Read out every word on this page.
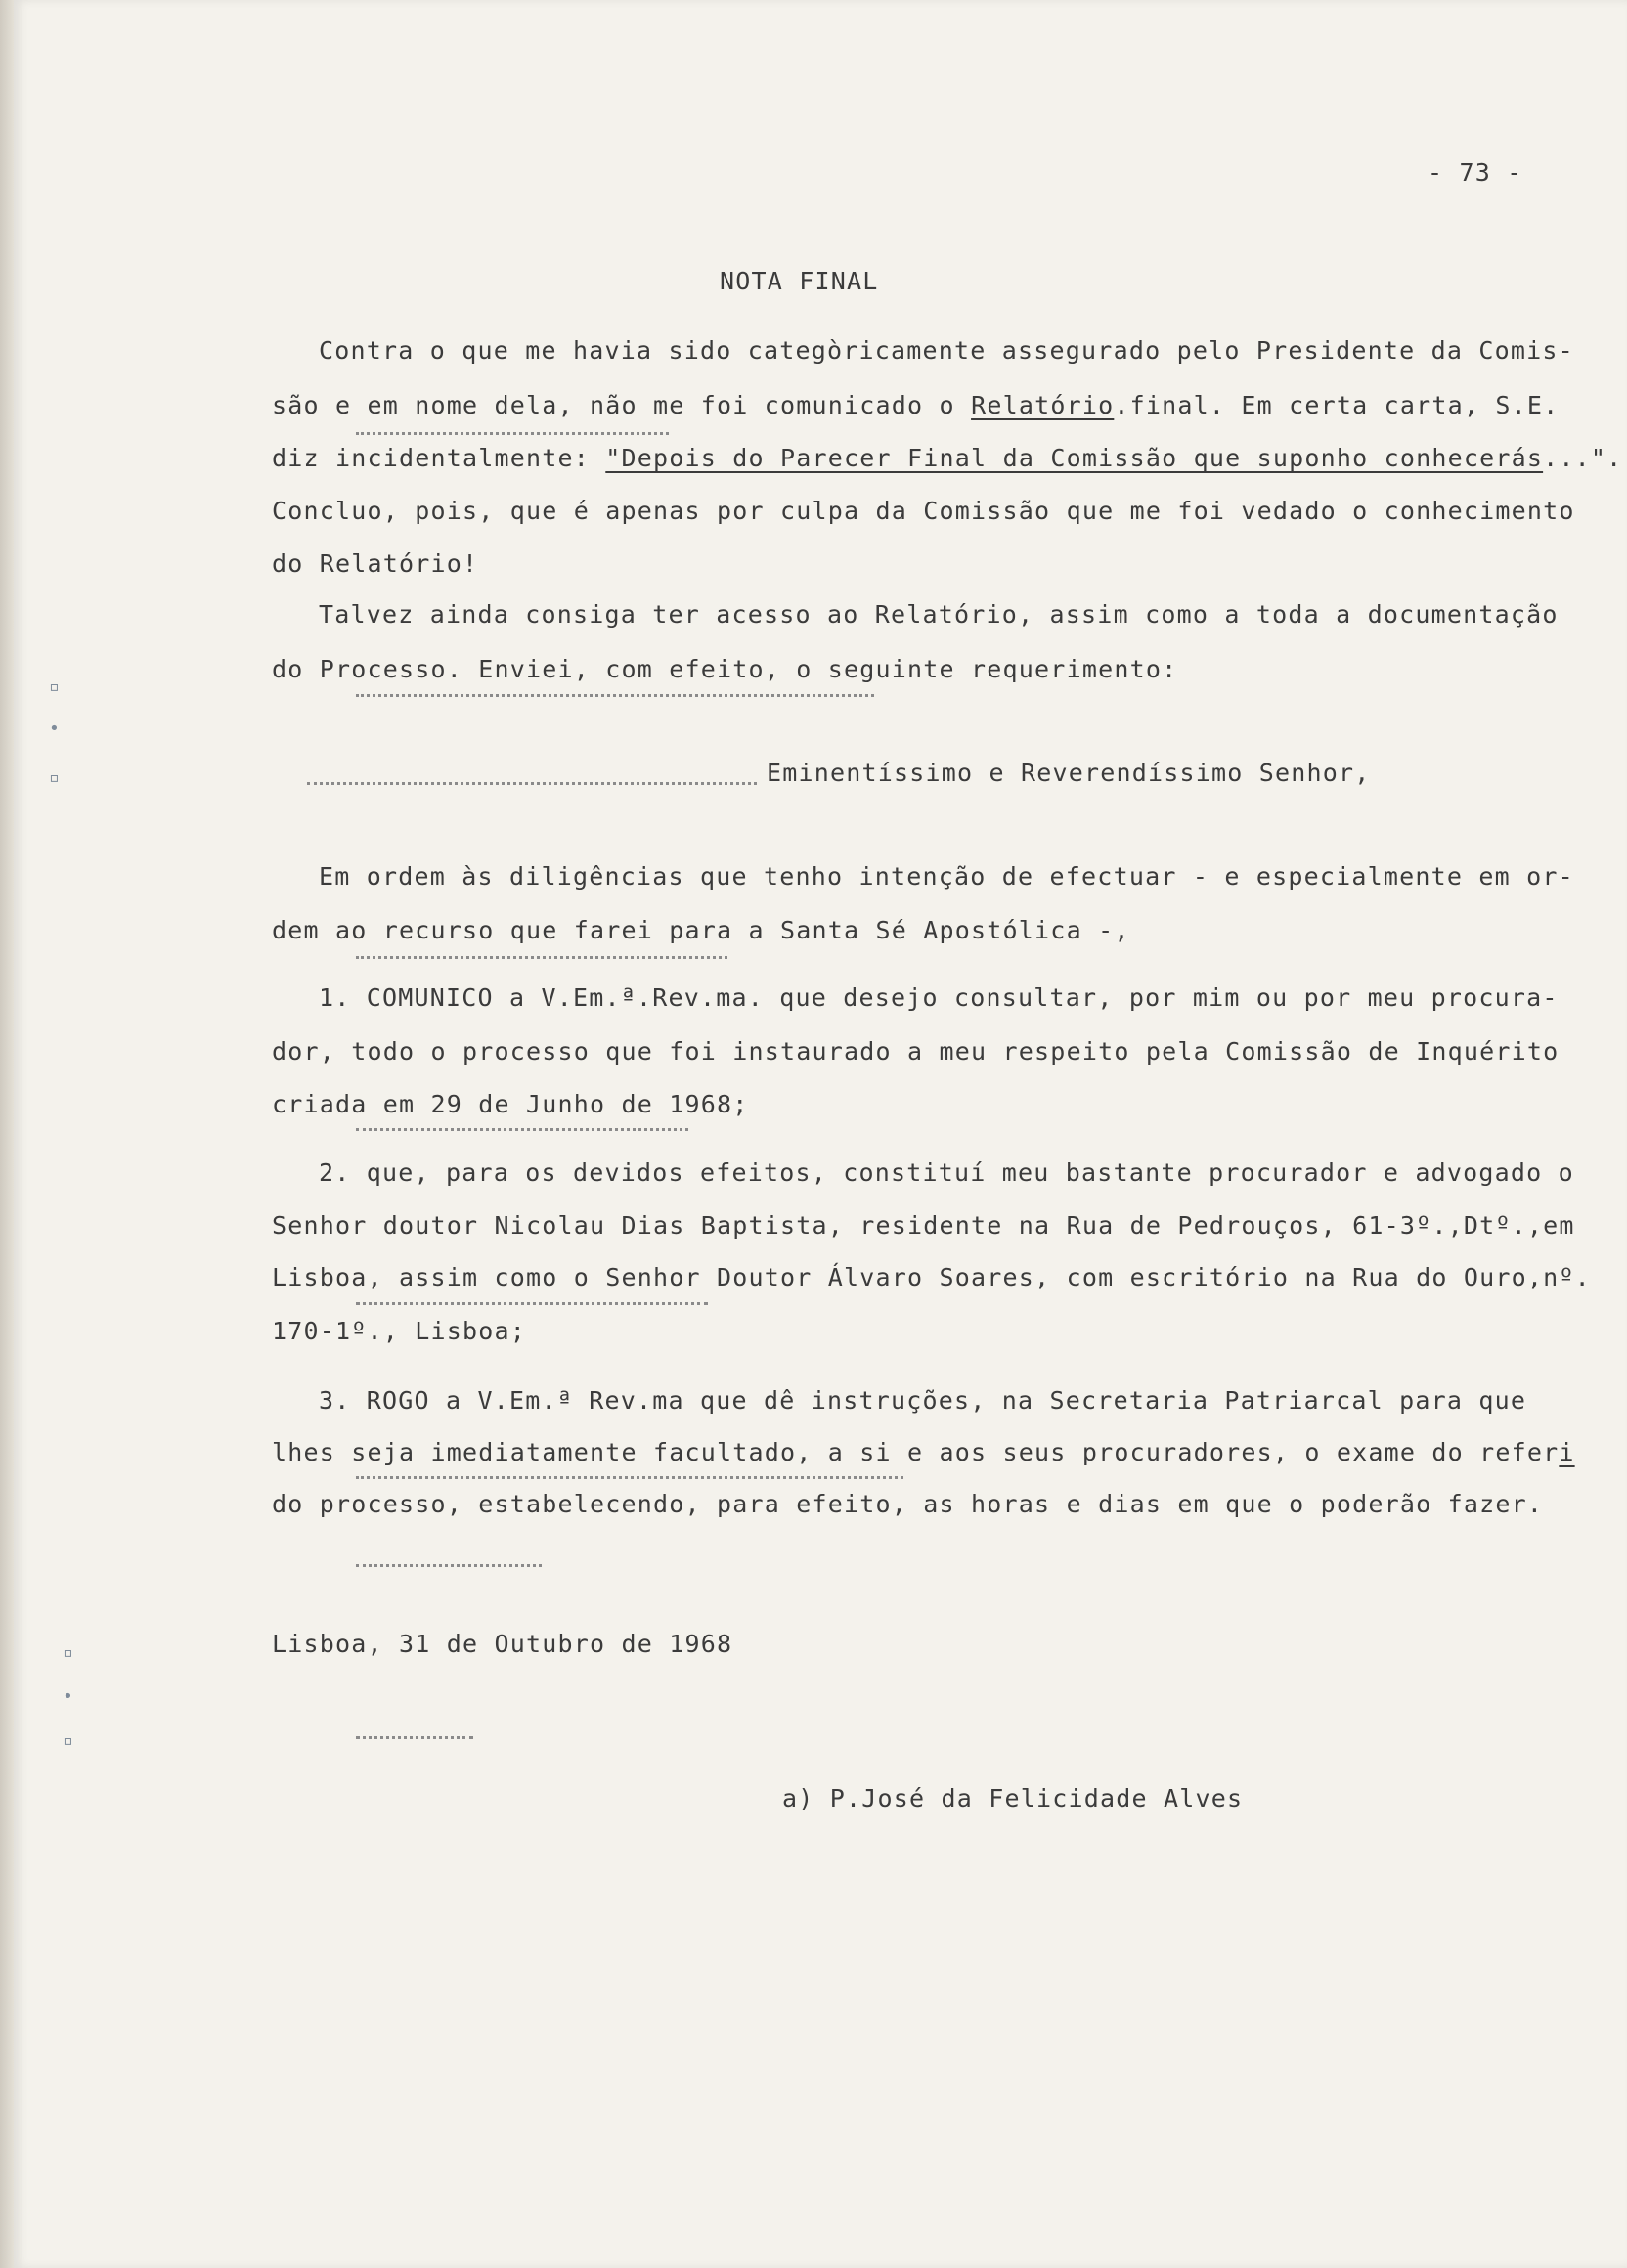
- 73 -
NOTA FINAL
Contra o que me havia sido categòricamente assegurado pelo Presidente da Comis-
são e em nome dela, não me foi comunicado o Relatório.final. Em certa carta, S.E.
diz incidentalmente: "Depois do Parecer Final da Comissão que suponho conhecerás...".
Concluo, pois, que é apenas por culpa da Comissão que me foi vedado o conhecimento
do Relatório!
Talvez ainda consiga ter acesso ao Relatório, assim como a toda a documentação
do Processo. Enviei, com efeito, o seguinte requerimento:
Eminentíssimo e Reverendíssimo Senhor,
Em ordem às diligências que tenho intenção de efectuar - e especialmente em or-
dem ao recurso que farei para a Santa Sé Apostólica -,
1. COMUNICO a V.Em.ª.Rev.ma. que desejo consultar, por mim ou por meu procura-
dor, todo o processo que foi instaurado a meu respeito pela Comissão de Inquérito
criada em 29 de Junho de 1968;
2. que, para os devidos efeitos, constituí meu bastante procurador e advogado o
Senhor doutor Nicolau Dias Baptista, residente na Rua de Pedrouços, 61-3º.,Dtº.,em
Lisboa, assim como o Senhor Doutor Álvaro Soares, com escritório na Rua do Ouro,nº.
170-1º., Lisboa;
3. ROGO a V.Em.ª Rev.ma que dê instruções, na Secretaria Patriarcal para que
lhes seja imediatamente facultado, a si e aos seus procuradores, o exame do referi
do processo, estabelecendo, para efeito, as horas e dias em que o poderão fazer.
Lisboa, 31 de Outubro de 1968
a) P.José da Felicidade Alves
▫
•
▫
▫
•
▫
